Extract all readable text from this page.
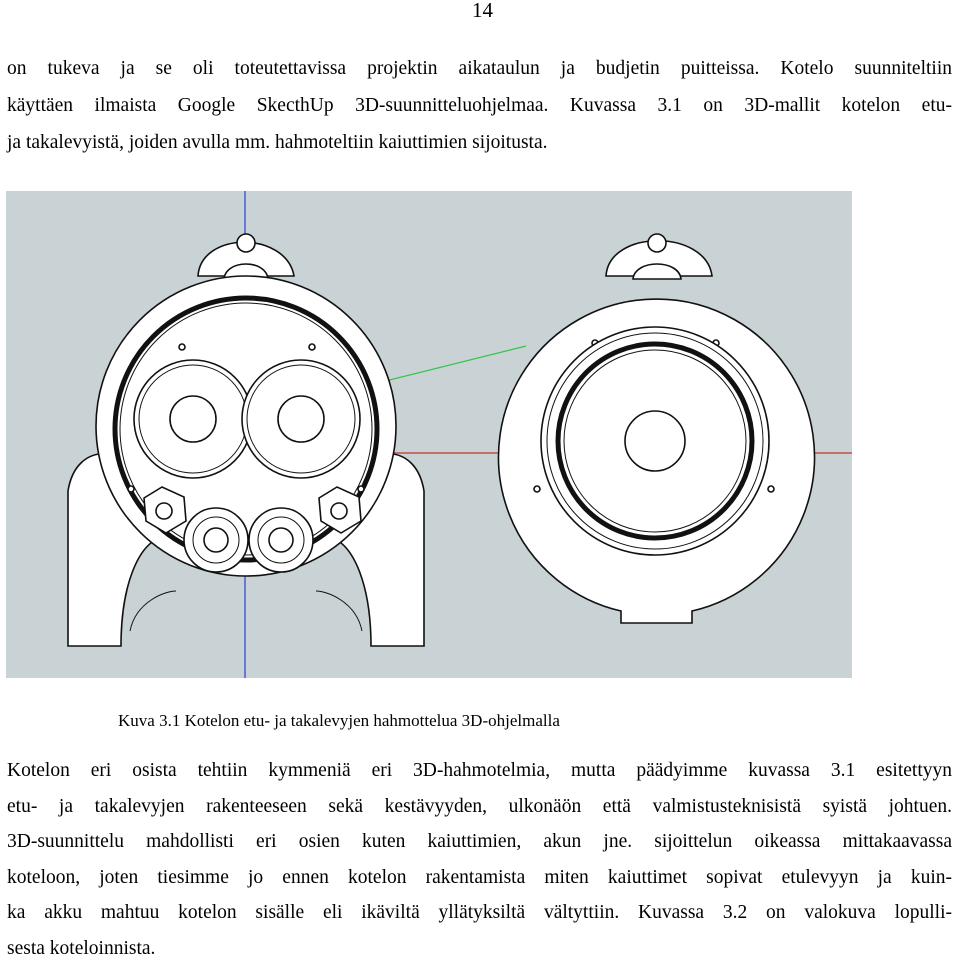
14
on tukeva ja se oli toteutettavissa projektin aikataulun ja budjetin puitteissa. Kotelo suunniteltiin
käyttäen ilmaista Google SkecthUp 3D-suunnitteluohjelmaa. Kuvassa 3.1 on 3D-mallit kotelon etu-
ja takalevyistä, joiden avulla mm. hahmoteltiin kaiuttimien sijoitusta.
Kuva 3.1 Kotelon etu- ja takalevyjen hahmottelua 3D-ohjelmalla
Kotelon eri osista tehtiin kymmeniä eri 3D-hahmotelmia, mutta päädyimme kuvassa 3.1 esitettyyn
etu- ja takalevyjen rakenteeseen sekä kestävyyden, ulkonäön että valmistusteknisistä syistä johtuen.
3D-suunnittelu mahdollisti eri osien kuten kaiuttimien, akun jne. sijoittelun oikeassa mittakaavassa
koteloon, joten tiesimme jo ennen kotelon rakentamista miten kaiuttimet sopivat etulevyyn ja kuin-
ka akku mahtuu kotelon sisälle eli ikäviltä yllätyksiltä vältyttiin. Kuvassa 3.2 on valokuva lopulli-
sesta koteloinnista.
